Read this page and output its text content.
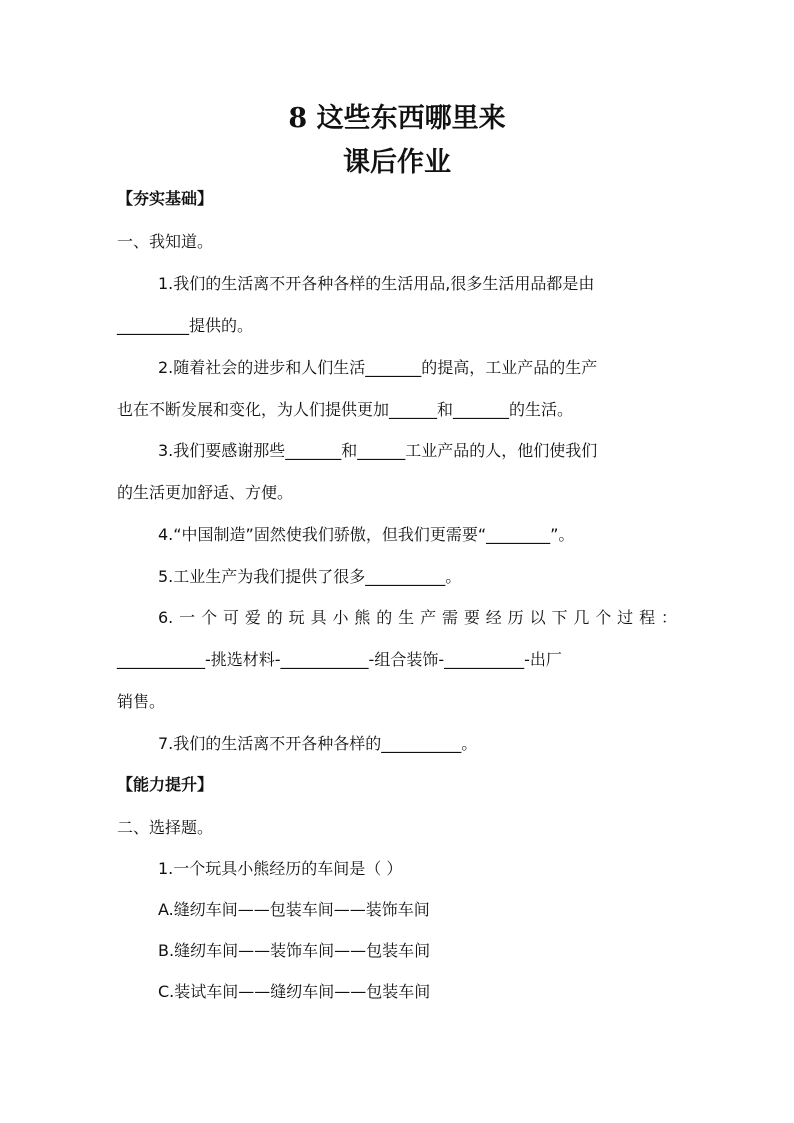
8 这些东西哪里来
课后作业
【夯实基础】
一、我知道。
1.我们的生活离不开各种各样的生活用品,很多生活用品都是由
_________提供的。
2.随着社会的进步和人们生活_______的提高，工业产品的生产
也在不断发展和变化，为人们提供更加______和_______的生活。
3.我们要感谢那些_______和______工业产品的人，他们使我们
的生活更加舒适、方便。
4.“中国制造”固然使我们骄傲，但我们更需要“________”。
5.工业生产为我们提供了很多__________。
6.一个可爱的玩具小熊的生产需要经历以下几个过程：
___________-挑选材料-___________-组合装饰-__________-出厂
销售。
7.我们的生活离不开各种各样的__________。
【能力提升】
二、选择题。
1.一个玩具小熊经历的车间是（ ）
A.缝纫车间——包装车间——装饰车间
B.缝纫车间——装饰车间——包装车间
C.装试车间——缝纫车间——包装车间
